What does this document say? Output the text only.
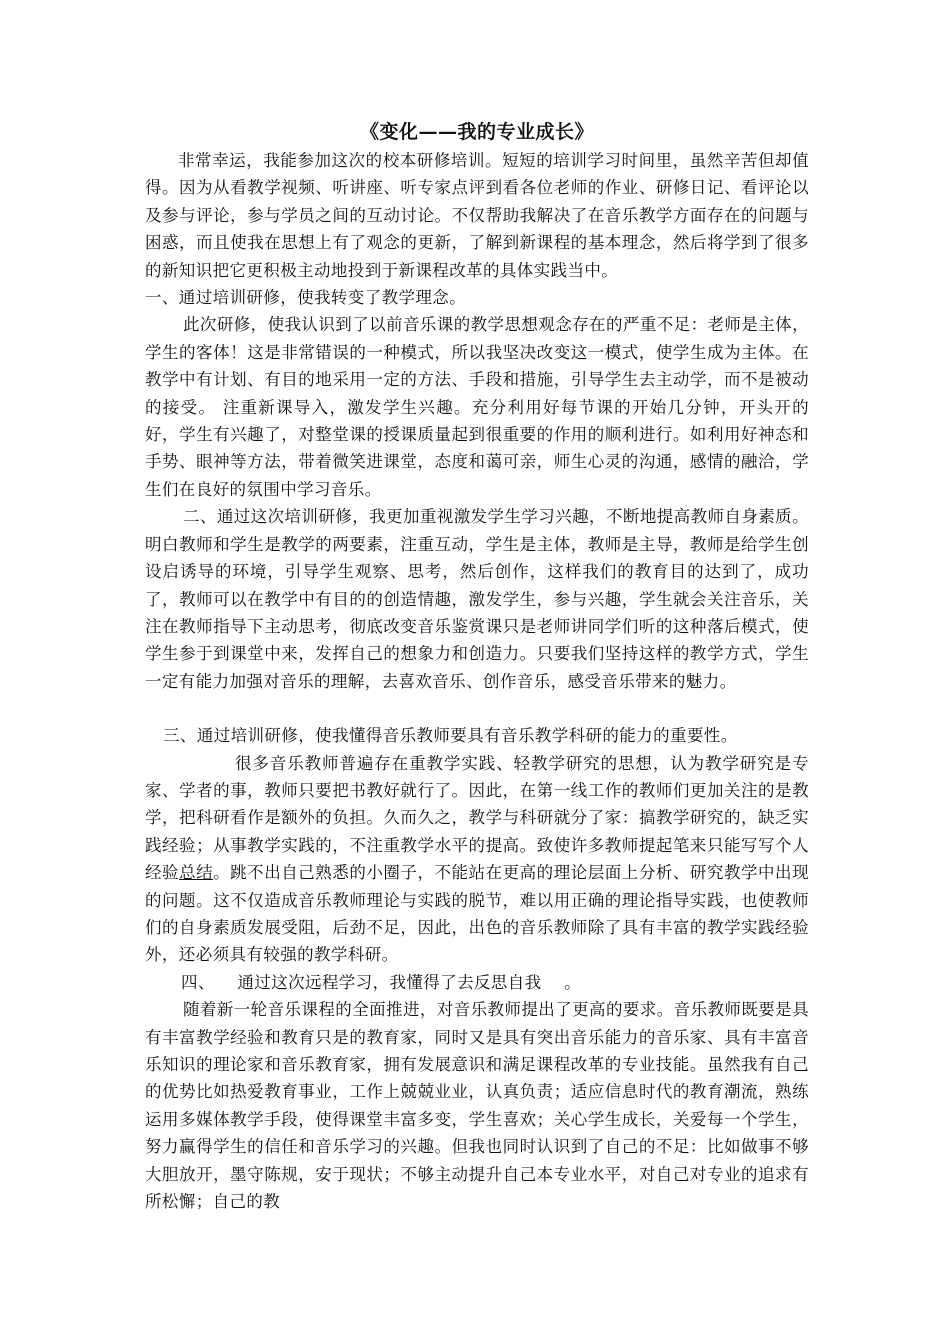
《变化——我的专业成长》

非常幸运，我能参加这次的校本研修培训。短短的培训学习时间里，虽然辛苦但却值得。因为从看教学视频、听讲座、听专家点评到看各位老师的作业、研修日记、看评论以及参与评论，参与学员之间的互动讨论。不仅帮助我解决了在音乐教学方面存在的问题与困惑，而且使我在思想上有了观念的更新，了解到新课程的基本理念，然后将学到了很多的新知识把它更积极主动地投到于新课程改革的具体实践当中。

一、通过培训研修，使我转变了教学理念。

此次研修，使我认识到了以前音乐课的教学思想观念存在的严重不足：老师是主体，学生的客体！这是非常错误的一种模式，所以我坚决改变这一模式，使学生成为主体。在教学中有计划、有目的地采用一定的方法、手段和措施，引导学生去主动学，而不是被动的接受。 注重新课导入，激发学生兴趣。充分利用好每节课的开始几分钟，开头开的好，学生有兴趣了，对整堂课的授课质量起到很重要的作用的顺利进行。如利用好神态和手势、眼神等方法，带着微笑进课堂，态度和蔼可亲，师生心灵的沟通，感情的融洽，学生们在良好的氛围中学习音乐。

二、通过这次培训研修，我更加重视激发学生学习兴趣，不断地提高教师自身素质。明白教师和学生是教学的两要素，注重互动，学生是主体，教师是主导，教师是给学生创设启诱导的环境，引导学生观察、思考，然后创作，这样我们的教育目的达到了，成功了，教师可以在教学中有目的的创造情趣，激发学生，参与兴趣，学生就会关注音乐，关注在教师指导下主动思考，彻底改变音乐鉴赏课只是老师讲同学们听的这种落后模式，使学生参于到课堂中来，发挥自己的想象力和创造力。只要我们坚持这样的教学方式，学生一定有能力加强对音乐的理解，去喜欢音乐、创作音乐，感受音乐带来的魅力。

三、通过培训研修，使我懂得音乐教师要具有音乐教学科研的能力的重要性。

很多音乐教师普遍存在重教学实践、轻教学研究的思想，认为教学研究是专家、学者的事，教师只要把书教好就行了。因此，在第一线工作的教师们更加关注的是教学，把科研看作是额外的负担。久而久之，教学与科研就分了家：搞教学研究的，缺乏实践经验；从事教学实践的，不注重教学水平的提高。致使许多教师提起笔来只能写写个人经验总结。跳不出自己熟悉的小圈子，不能站在更高的理论层面上分析、研究教学中出现的问题。这不仅造成音乐教师理论与实践的脱节，难以用正确的理论指导实践，也使教师们的自身素质发展受阻，后劲不足，因此，出色的音乐教师除了具有丰富的教学实践经验外，还必须具有较强的教学科研。

四、    通过这次远程学习，我懂得了去反思自我    。

随着新一轮音乐课程的全面推进，对音乐教师提出了更高的要求。音乐教师既要是具有丰富教学经验和教育只是的教育家，同时又是具有突出音乐能力的音乐家、具有丰富音乐知识的理论家和音乐教育家，拥有发展意识和满足课程改革的专业技能。虽然我有自己的优势比如热爱教育事业，工作上兢兢业业，认真负责；适应信息时代的教育潮流，熟练运用多媒体教学手段，使得课堂丰富多变，学生喜欢；关心学生成长，关爱每一个学生，努力赢得学生的信任和音乐学习的兴趣。但我也同时认识到了自己的不足：比如做事不够大胆放开，墨守陈规，安于现状；不够主动提升自己本专业水平，对自己对专业的追求有所松懈；自己的教
